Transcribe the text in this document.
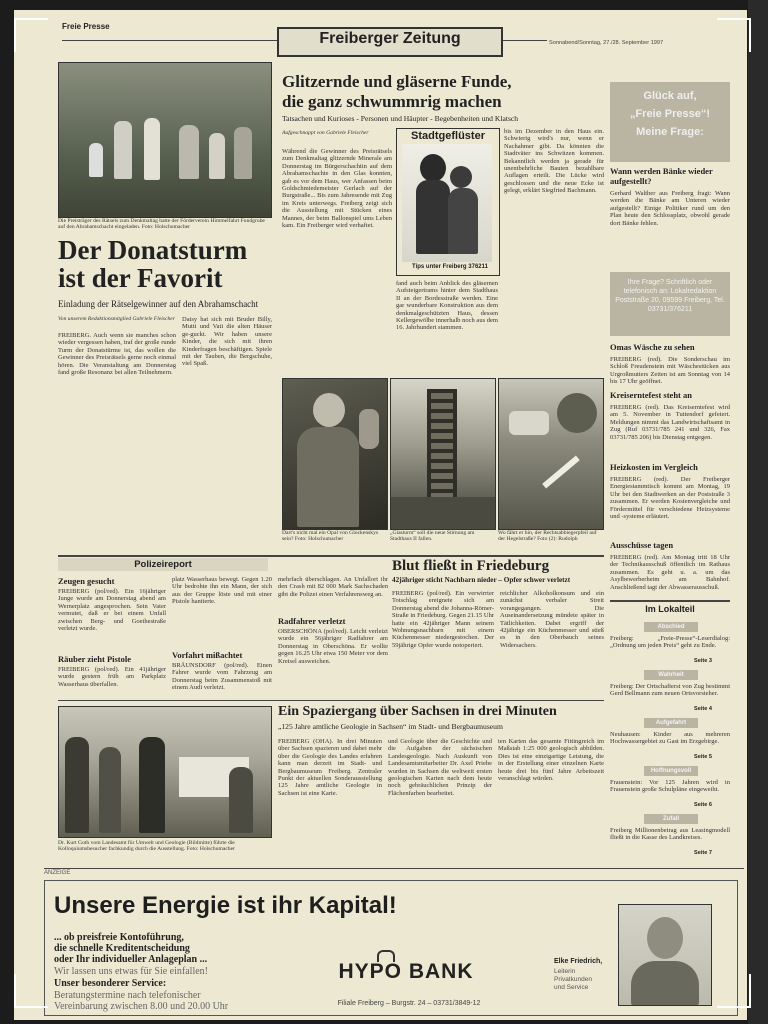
Freie Presse
Freiberger Zeitung	Sonnabend/Sonntag, 27./28. September 1997
Die Preisträger des Rätsels zum Denkmaltag hatte der Förderverein Himmelfahrt Fundgrube auf den Abrahamschacht eingeladen. Foto: Holschumacher
Der Donatsturm
ist der Favorit
Einladung der Rätselgewinner auf den Abrahamschacht
Von unserem Redaktionsmitglied Gabriele Fleischer
FREIBERG. Auch wenn sie manches schon wieder vergessen haben, traf der große runde Turm der Donatstürme ist, das wollen die Gewinner des Preisrätsels gerne noch einmal hören. Die Veranstaltung am Donnerstag fand große Resonanz bei allen Teilnehmern.
Daisy hat sich mit Bruder Billy, Mutti und Vati die alten Häuser ge-guckt. Wir haben unsere Kinder, die sich mit ihren Kinderfragen beschäftigen. Spiele mit der Tauben, die Bergschuhe, viel Spaß.
Glitzernde und gläserne Funde,
die ganz schwummrig machen
Tatsachen und Kurioses - Personen und Häupter - Begebenheiten und Klatsch
Aufgeschnappt von Gabriele Fleischer
Während die Gewinner des Preisrätsels zum Denkmaltag glitzernde Minerale am Donnerstag im Bürgerschachtin auf dem Abrahamschachte in den Glas konnten, gab es vor dem Haus, wer Anfassen beim Goldschmiedemeister Gerlach auf der Burgstraße... Bis zum Jahresende mit Zug im Kreis unterwegs. Freiberg zeigt sich die Ausstellung mit Stücken eines Mannes, der beim Ballonspiel ums Leben kam. Ein Freiberger wird verhaftet.
Stadtgeflüster
Tips unter Freiberg 376211
fand auch beim Anblick des gläsernen Aufsteigertrams hinter dem Stadthaus II an der Bordesstraße werden. Eine gar wunderbare Konstruktion aus dem denkmalgeschützten Haus, dessen Kellergewölbe innerhalb noch aus dem 16. Jahrhundert stammen.
bis im Dezember in den Haus ein. Schwierig wird's nur, wenn er Nachahmer gibt. Da könnten die Stadtväter ins Schwitzen kommen. Bekanntlich werden ja gerade für unentbehrliche Bauten bezahlbare Auflagen erteilt. Die Lücke wird geschlossen und die neue Ecke ist gelegt, erklärt Siegfried Bachmann.
Dart's nicht mal ein Opal von Glockenskys sein? Foto: Holschumacher
„Glasturm“ soll die neue Stirnung am Stadthaus II fallen.
Wo fährt er hin, der Rechtsabbiegerpfeil auf der Hegelstraße? Foto (2): Rudolph
Glück auf,
„Freie Presse“!
Meine Frage:
Wann werden Bänke wieder aufgestellt?
Gerhard Walther aus Freiberg fragt: Wann werden die Bänke am Unteren wieder aufgestellt? Einige Politiker rund um den Plan heute den Schlossplatz, obwohl gerade dort Bänke fehlen.
Ihre Frage? Schriftlich oder telefonisch an: Lokalredaktion Poststraße 20, 09599 Freiberg, Tel. 03731/376211
Omas Wäsche zu sehen
FREIBERG (red). Die Sonderschau im Schloß Freudenstein mit Wäschestücken aus Urgroßmutters Zeiten ist am Sonntag von 14 bis 17 Uhr geöffnet.
Kreiserntefest steht an
FREIBERG (red). Das Kreiserntefest wird am 5. November in Tuttendorf gefeiert. Meldungen nimmt das Landwirtschaftsamt in Zug (Ruf 03731/785 241 und 326, Fax 03731/785 206) bis Dienstag entgegen.
Heizkosten im Vergleich
FREIBERG (red). Der Freiberger Energiestammtisch kommt am Montag, 19 Uhr bei den Stadtwerken an der Poststraße 3 zusammen. Er werden Kostenvergleiche und Fördermittel für verschiedene Heizsysteme und -systeme erläutert.
Ausschüsse tagen
FREIBERG (red). Am Montag tritt 18 Uhr der Technikausschuß öffentlich im Rathaus zusammen. Es geht u. a. um das Asylbewerberheim am Bahnhof. Anschließend tagt der Abwasserausschuß.
Im Lokalteil
Abschied
Freiberg: „Freie-Presse“-Leserdialog: „Ordnung um jeden Preis“ geht zu Ende.
Seite 3
Wahrheit
Freiberg: Der Ortschafterst von Zug bestimmt Gerd Bellmann zum neuen Ortsvorsteher.
Seite 4
Aufgefahrt
Neuhausen: Kinder aus mehreren Hochwassergebiet zu Gast im Erzgebirge.
Seite 5
Hoffnungsvoll
Frauenstein: Vor 125 Jahren wird in Frauenstein große Schulpläne eingeweiht.
Seite 6
Zufall
Freiberg Millionenbetrag aus Leasingmodell fließt in die Kasse des Landkreises.
Seite 7
Polizeireport
Zeugen gesucht
FREIBERG (pol/red). Ein 16jähriger Junge wurde am Donnerstag abend am Wernerplatz angesprochen. Sein Vater vermutet, daß er bei einem Unfall zwischen Berg- und Goethestraße verletzt wurde.
Räuber zieht Pistole
FREIBERG (pol/red). Ein 41jähriger wurde gestern früh am Parkplatz Wasserhaus überfallen.
platz Wasserhaus bewegt. Gegen 1.20 Uhr bedrohte ihn ein Mann, der sich aus der Gruppe löste und mit einer Pistole hantierte.
Vorfahrt mißachtet
BRÄUNSDORF (pol/red). Einen Fahrer wurde vom Fahrzeug am Donnerstag beim Zusammenstoß mit einem Audi verletzt.
mehrfach überschlagen. An Unfallort ihr den Crash mit 82 000 Mark Sachschaden gibt die Polizei einen Verfahrensweg an.
Radfahrer verletzt
OBERSCHÖNA (pol/red). Leicht verletzt wurde ein 56jähriger Radfahrer am Donnerstag in Oberschöna. Er wollte gegen 16.25 Uhr etwa 150 Meter vor dem Kreisel ausweichen.
Blut fließt in Friedeburg
42jähriger sticht Nachbarn nieder – Opfer schwer verletzt
FREIBERG (pol/red). Ein verwirrter Totschlag ereignete sich am Donnerstag abend die Johanna-Römer-Straße in Friedeburg. Gegen 21.15 Uhr hatte ein 42jähriger Mann seinem Wohnungsnachbarn mit einem Küchenmesser niedergestochen. Der 59jährige Opfer wurde notoperiert.
reichlicher Alkoholkonsum und ein zunächst verbaler Streit vorangegangen. Die Auseinandersetzung mündete später in Tätlichkeiten. Dabei ergriff der 42jährige ein Küchenmesser und stieß es in den Oberbauch seines Widersachers.
Dr. Kurt Goth vom Landesamt für Umwelt und Geologie (Bildmitte) führte die Kolloquiumsbesucher fachkundig durch die Ausstellung. Foto: Holschumacher
Ein Spaziergang über Sachsen in drei Minuten
„125 Jahre amtliche Geologie in Sachsen“ im Stadt- und Bergbaumuseum
FREIBERG (OHA). In drei Minuten über Sachsen spazieren und dabei mehr über die Geologie des Landes erfahren kann man derzeit im Stadt- und Bergbaumuseum Freiberg. Zentraler Punkt der aktuellen Sonderausstellung 125 Jahre amtliche Geologie in Sachsen ist eine Karte.
und Geologie über die Geschichte und die Aufgaben der sächsischen Landesgeologie. Nach Auskunft von Landesamtsmitarbeiter Dr. Axel Priebe wurden in Sachsen die weltweit ersten geologischen Karten nach dem heute noch gebräuchlichen Prinzip der Flächenfarben bearbeitet.
ten Karten das gesamte Fittingreich im Maßstab 1:25 000 geologisch abbilden. Dies ist eine einzigartige Leistung, die in der Erstellung einer einzelnen Karte heute drei bis fünf Jahre Arbeitszeit veranschlagt würden.
ANZEIGE
Unsere Energie ist ihr Kapital!
... ob preisfreie Kontoführung,
die schnelle Kreditentscheidung
oder Ihr individueller Anlageplan ...
Wir lassen uns etwas für Sie einfallen!
Unser besonderer Service:
Beratungstermine nach telefonischer
Vereinbarung zwischen 8.00 und 20.00 Uhr
HYPO BANK
Filiale Freiberg – Burgstr. 24 – 03731/3849-12
Elke Friedrich,
Leiterin
Privatkunden
und Service
